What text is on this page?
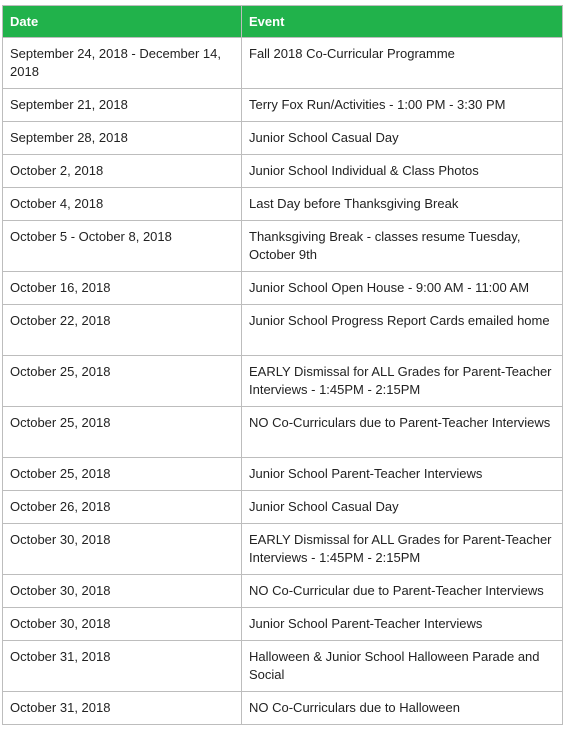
Date	Event
September 24, 2018 - December 14, 2018	Fall 2018 Co-Curricular Programme
September 21, 2018	Terry Fox Run/Activities - 1:00 PM - 3:30 PM
September 28, 2018	Junior School Casual Day
October 2, 2018	Junior School Individual & Class Photos
October 4, 2018	Last Day before Thanksgiving Break
October 5 - October 8, 2018	Thanksgiving Break - classes resume Tuesday, October 9th
October 16, 2018	Junior School Open House - 9:00 AM - 11:00 AM
October 22, 2018	Junior School Progress Report Cards emailed home
October 25, 2018	EARLY Dismissal for ALL Grades for Parent-Teacher Interviews - 1:45PM - 2:15PM
October 25, 2018	NO Co-Curriculars due to Parent-Teacher Interviews
October 25, 2018	Junior School Parent-Teacher Interviews
October 26, 2018	Junior School Casual Day
October 30, 2018	EARLY Dismissal for ALL Grades for Parent-Teacher Interviews - 1:45PM - 2:15PM
October 30, 2018	NO Co-Curricular due to Parent-Teacher Interviews
October 30, 2018	Junior School Parent-Teacher Interviews
October 31, 2018	Halloween & Junior School Halloween Parade and Social
October 31, 2018	NO Co-Curriculars due to Halloween
